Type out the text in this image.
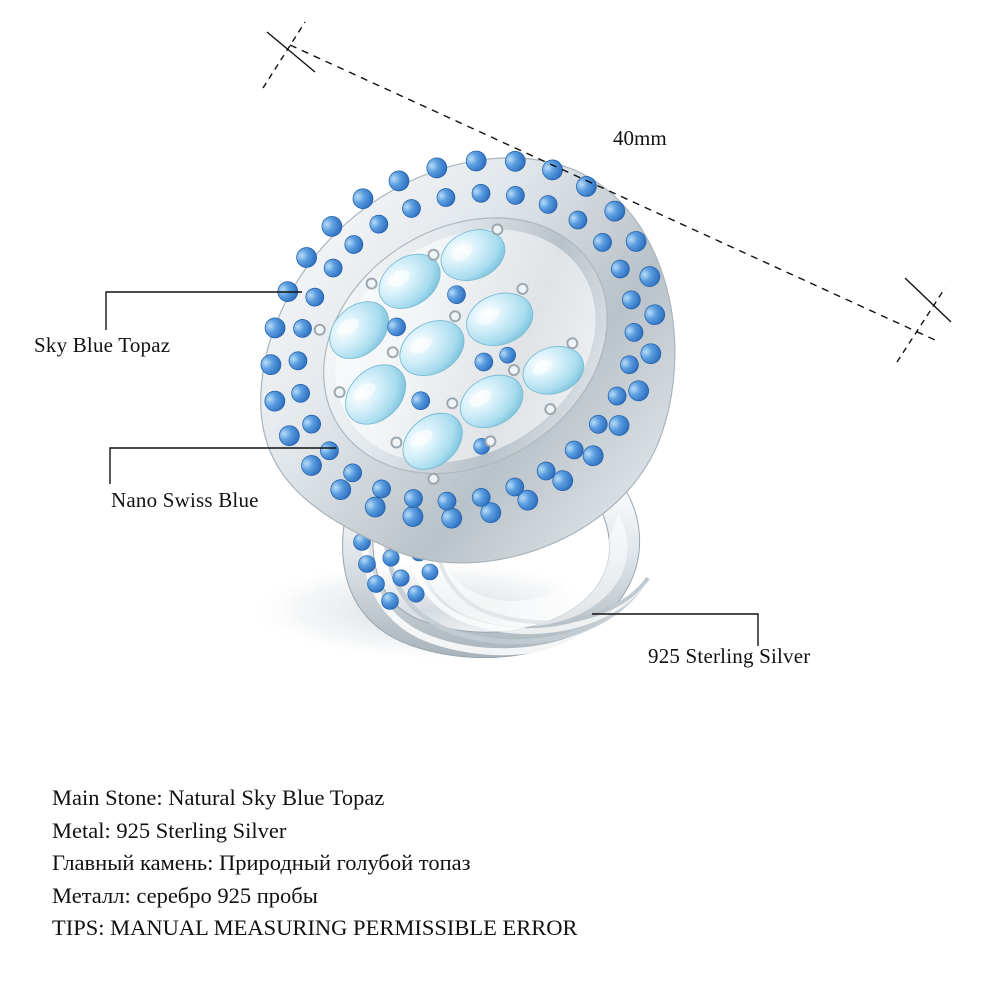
40mm
Sky Blue Topaz
Nano Swiss Blue
925 Sterling Silver
Main Stone: Natural Sky Blue Topaz
Metal: 925 Sterling Silver
Главный камень: Природный голубой топаз
Металл: серебро 925 пробы
TIPS: MANUAL MEASURING PERMISSIBLE ERROR
